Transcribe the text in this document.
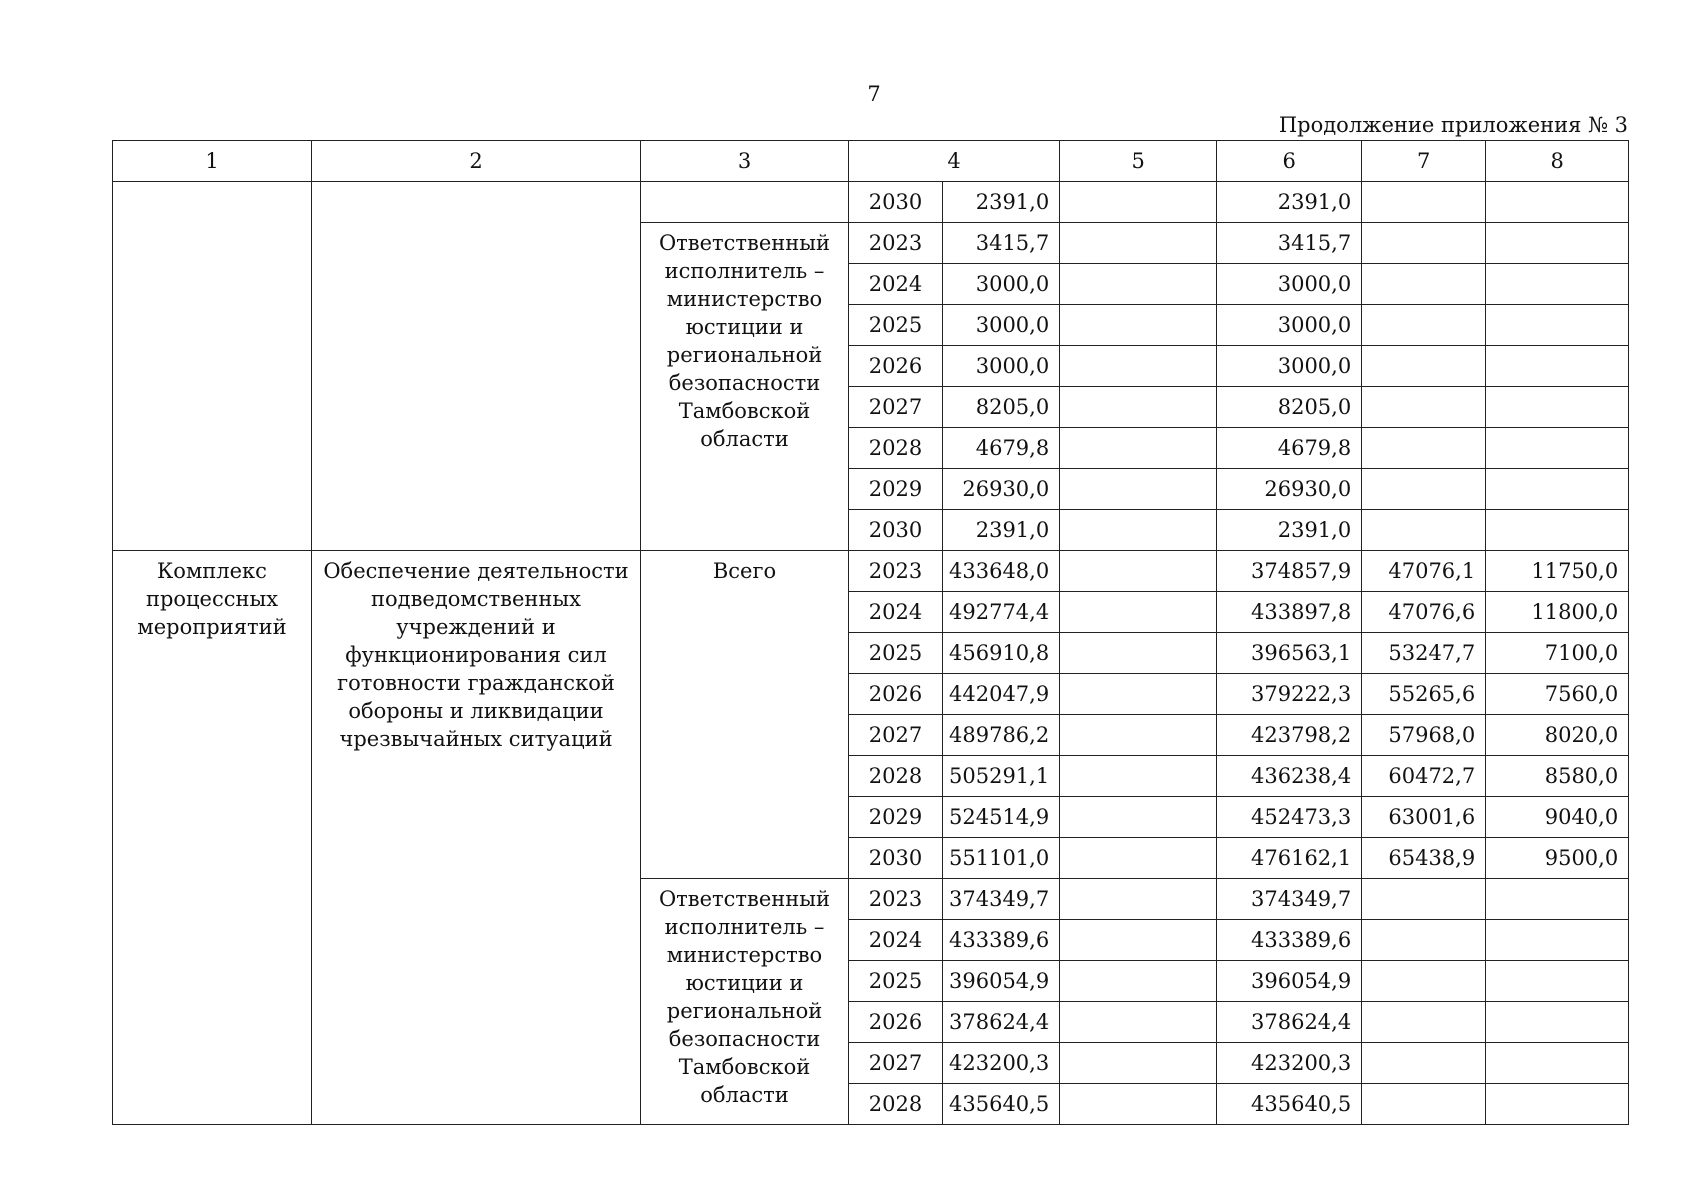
7
Продолжение приложения № 3
1	2	3	4		5	6	7	8
			2030	2391,0		2391,0		
		Ответственный исполнитель – министерство юстиции и региональной безопасности Тамбовской области	2023	3415,7		3415,7		
			2024	3000,0		3000,0		
			2025	3000,0		3000,0		
			2026	3000,0		3000,0		
			2027	8205,0		8205,0		
			2028	4679,8		4679,8		
			2029	26930,0		26930,0		
			2030	2391,0		2391,0		
Комплекс процессных мероприятий	Обеспечение деятельности подведомственных учреждений и функционирования сил готовности гражданской обороны и ликвидации чрезвычайных ситуаций	Всего	2023	433648,0		374857,9	47076,1	11750,0
			2024	492774,4		433897,8	47076,6	11800,0
			2025	456910,8		396563,1	53247,7	7100,0
			2026	442047,9		379222,3	55265,6	7560,0
			2027	489786,2		423798,2	57968,0	8020,0
			2028	505291,1		436238,4	60472,7	8580,0
			2029	524514,9		452473,3	63001,6	9040,0
			2030	551101,0		476162,1	65438,9	9500,0
		Ответственный исполнитель – министерство юстиции и региональной безопасности Тамбовской области	2023	374349,7		374349,7		
			2024	433389,6		433389,6		
			2025	396054,9		396054,9		
			2026	378624,4		378624,4		
			2027	423200,3		423200,3		
			2028	435640,5		435640,5		
